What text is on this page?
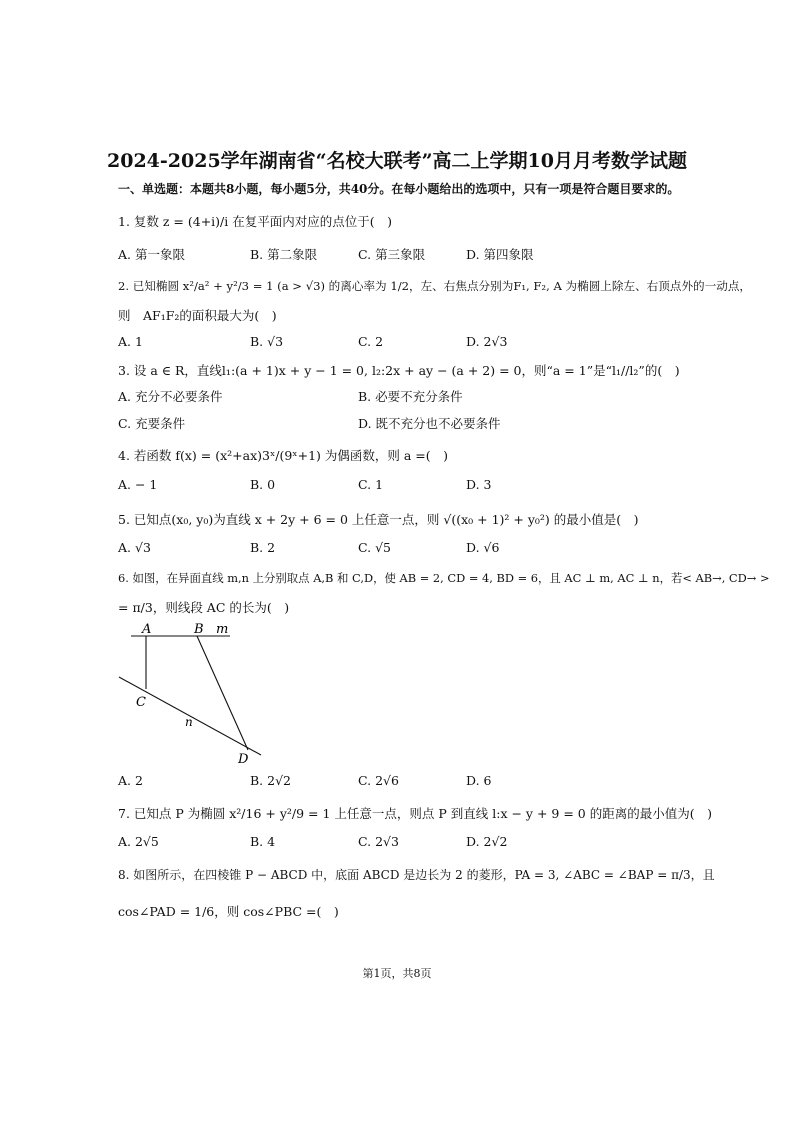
2024-2025学年湖南省“名校大联考”高二上学期10月月考数学试题
一、单选题：本题共8小题，每小题5分，共40分。在每小题给出的选项中，只有一项是符合题目要求的。
1. 复数 z = (4+i)/i 在复平面内对应的点位于(　)
A. 第一象限	B. 第二象限	C. 第三象限	D. 第四象限
2. 已知椭圆 x²/a² + y²/3 = 1 (a > √3) 的离心率为 1/2，左、右焦点分别为F₁, F₂, A 为椭圆上除左、右顶点外的一动点，
则　AF₁F₂的面积最大为(　)
A. 1	B. √3	C. 2	D. 2√3
3. 设 a ∈ R，直线l₁:(a + 1)x + y − 1 = 0, l₂:2x + ay − (a + 2) = 0，则“a = 1”是“l₁//l₂”的(　)
A. 充分不必要条件	B. 必要不充分条件
C. 充要条件	D. 既不充分也不必要条件
4. 若函数 f(x) = (x²+ax)3ˣ/(9ˣ+1) 为偶函数，则 a =(　)
A. − 1	B. 0	C. 1	D. 3
5. 已知点(x₀, y₀)为直线 x + 2y + 6 = 0 上任意一点，则 √((x₀ + 1)² + y₀²) 的最小值是(　)
A. √3	B. 2	C. √5	D. √6
6. 如图，在异面直线 m,n 上分别取点 A,B 和 C,D，使 AB = 2, CD = 4, BD = 6，且 AC ⊥ m, AC ⊥ n，若< AB→, CD→ >
= π/3，则线段 AC 的长为(　)
A	B m
C
n
D
A. 2	B. 2√2	C. 2√6	D. 6
7. 已知点 P 为椭圆 x²/16 + y²/9 = 1 上任意一点，则点 P 到直线 l:x − y + 9 = 0 的距离的最小值为(　)
A. 2√5	B. 4	C. 2√3	D. 2√2
8. 如图所示，在四棱锥 P − ABCD 中，底面 ABCD 是边长为 2 的菱形，PA = 3, ∠ABC = ∠BAP = π/3，且
cos∠PAD = 1/6，则 cos∠PBC =(　)
第1页，共8页
